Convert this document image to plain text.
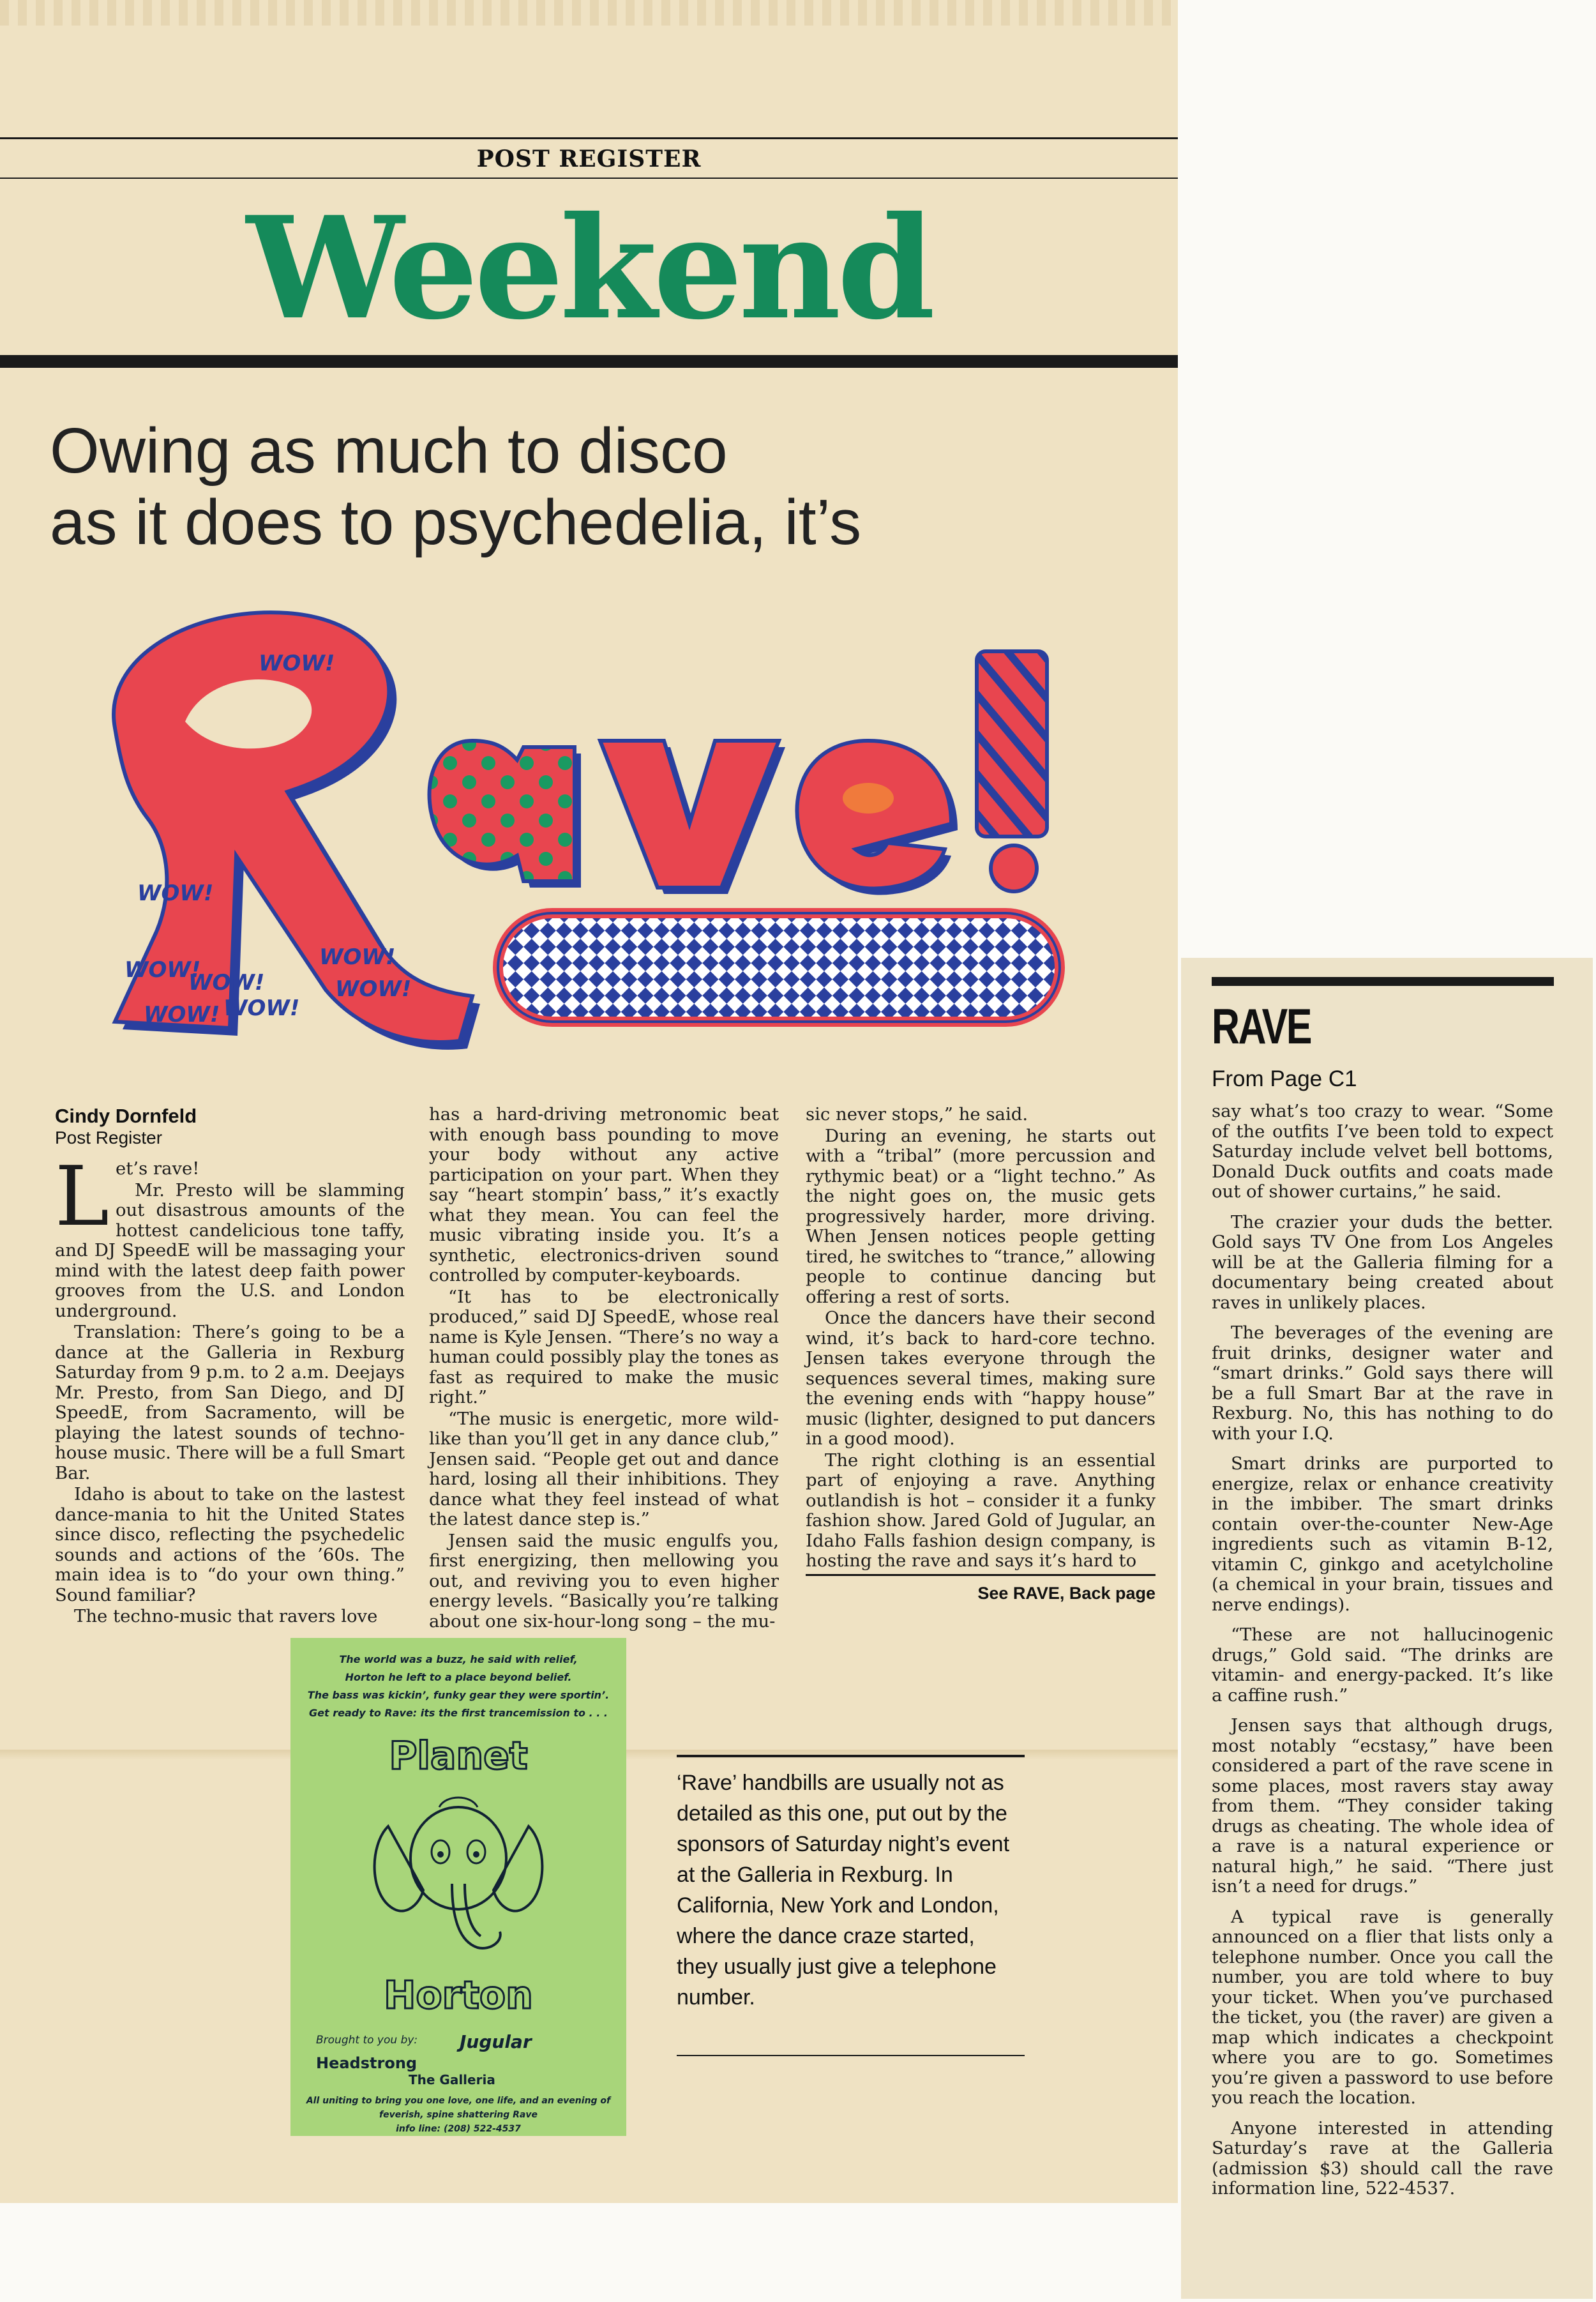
POST REGISTER
Weekend
Owing as much to disco
as it does to psychedelia, it’s
WOW!
WOW!
WOW!
WOW! WOW!
WOW!
WOW!
WOW!
Cindy Dornfeld
Post Register

Let’s rave!

Mr. Presto will be slamming out disastrous amounts of the hottest candelicious tone taffy, and DJ SpeedE will be massaging your mind with the latest deep faith power grooves from the U.S. and London underground.

Translation: There’s going to be a dance at the Galleria in Rexburg Saturday from 9 p.m. to 2 a.m. Deejays Mr. Presto, from San Diego, and DJ SpeedE, from Sacramento, will be playing the latest sounds of techno-house music. There will be a full Smart Bar.

Idaho is about to take on the lastest dance-mania to hit the United States since disco, reflecting the psychedelic sounds and actions of the ’60s. The main idea is to “do your own thing.” Sound familiar?

The techno-music that ravers love

has a hard-driving metronomic beat with enough bass pounding to move your body without any active participation on your part. When they say “heart stompin’ bass,” it’s exactly what they mean. You can feel the music vibrating inside you. It’s a synthetic, electronics-driven sound controlled by computer-keyboards.

“It has to be electronically produced,” said DJ SpeedE, whose real name is Kyle Jensen. “There’s no way a human could possibly play the tones as fast as required to make the music right.”

“The music is energetic, more wild-like than you’ll get in any dance club,” Jensen said. “People get out and dance hard, losing all their inhibitions. They dance what they feel instead of what the latest dance step is.”

Jensen said the music engulfs you, first energizing, then mellowing you out, and reviving you to even higher energy levels. “Basically you’re talking about one six-hour-long song – the mu-

sic never stops,” he said.

During an evening, he starts out with a “tribal” (more percussion and rythymic beat) or a “light techno.” As the night goes on, the music gets progressively harder, more driving. When Jensen notices people getting tired, he switches to “trance,” allowing people to continue dancing but offering a rest of sorts.

Once the dancers have their second wind, it’s back to hard-core techno. Jensen takes everyone through the sequences several times, making sure the evening ends with “happy house” music (lighter, designed to put dancers in a good mood).

The right clothing is an essential part of enjoying a rave. Anything outlandish is hot – consider it a funky fashion show. Jared Gold of Jugular, an Idaho Falls fashion design company, is hosting the rave and says it’s hard to

See RAVE, Back page
The world was a buzz, he said with relief,
Horton he left to a place beyond belief.
The bass was kickin’, funky gear they were sportin’.
Get ready to Rave: its the first trancemission to . . .
Planet
Horton
Brought to you by: Jugular
Headstrong
The Galleria
All uniting to bring you one love, one life, and an evening of
feverish, spine shattering Rave
info line: (208) 522-4537
‘Rave’ handbills are usually not as detailed as this one, put out by the sponsors of Saturday night’s event at the Galleria in Rexburg. In California, New York and London, where the dance craze started, they usually just give a telephone number.
RAVE
From Page C1

say what’s too crazy to wear. “Some of the outfits I’ve been told to expect Saturday include velvet bell bottoms, Donald Duck outfits and coats made out of shower curtains,” he said.

The crazier your duds the better. Gold says TV One from Los Angeles will be at the Galleria filming for a documentary being created about raves in unlikely places.

The beverages of the evening are fruit drinks, designer water and “smart drinks.” Gold says there will be a full Smart Bar at the rave in Rexburg. No, this has nothing to do with your I.Q.

Smart drinks are purported to energize, relax or enhance creativity in the imbiber. The smart drinks contain over-the-counter New-Age ingredients such as vitamin B-12, vitamin C, ginkgo and acetylcholine (a chemical in your brain, tissues and nerve endings).

“These are not hallucinogenic drugs,” Gold said. “The drinks are vitamin- and energy-packed. It’s like a caffine rush.”

Jensen says that although drugs, most notably “ecstasy,” have been considered a part of the rave scene in some places, most ravers stay away from them. “They consider taking drugs as cheating. The whole idea of a rave is a natural experience or natural high,” he said. “There just isn’t a need for drugs.”

A typical rave is generally announced on a flier that lists only a telephone number. Once you call the number, you are told where to buy your ticket. When you’ve purchased the ticket, you (the raver) are given a map which indicates a checkpoint where you are to go. Sometimes you’re given a password to use before you reach the location.

Anyone interested in attending Saturday’s rave at the Galleria (admission $3) should call the rave information line, 522-4537.
